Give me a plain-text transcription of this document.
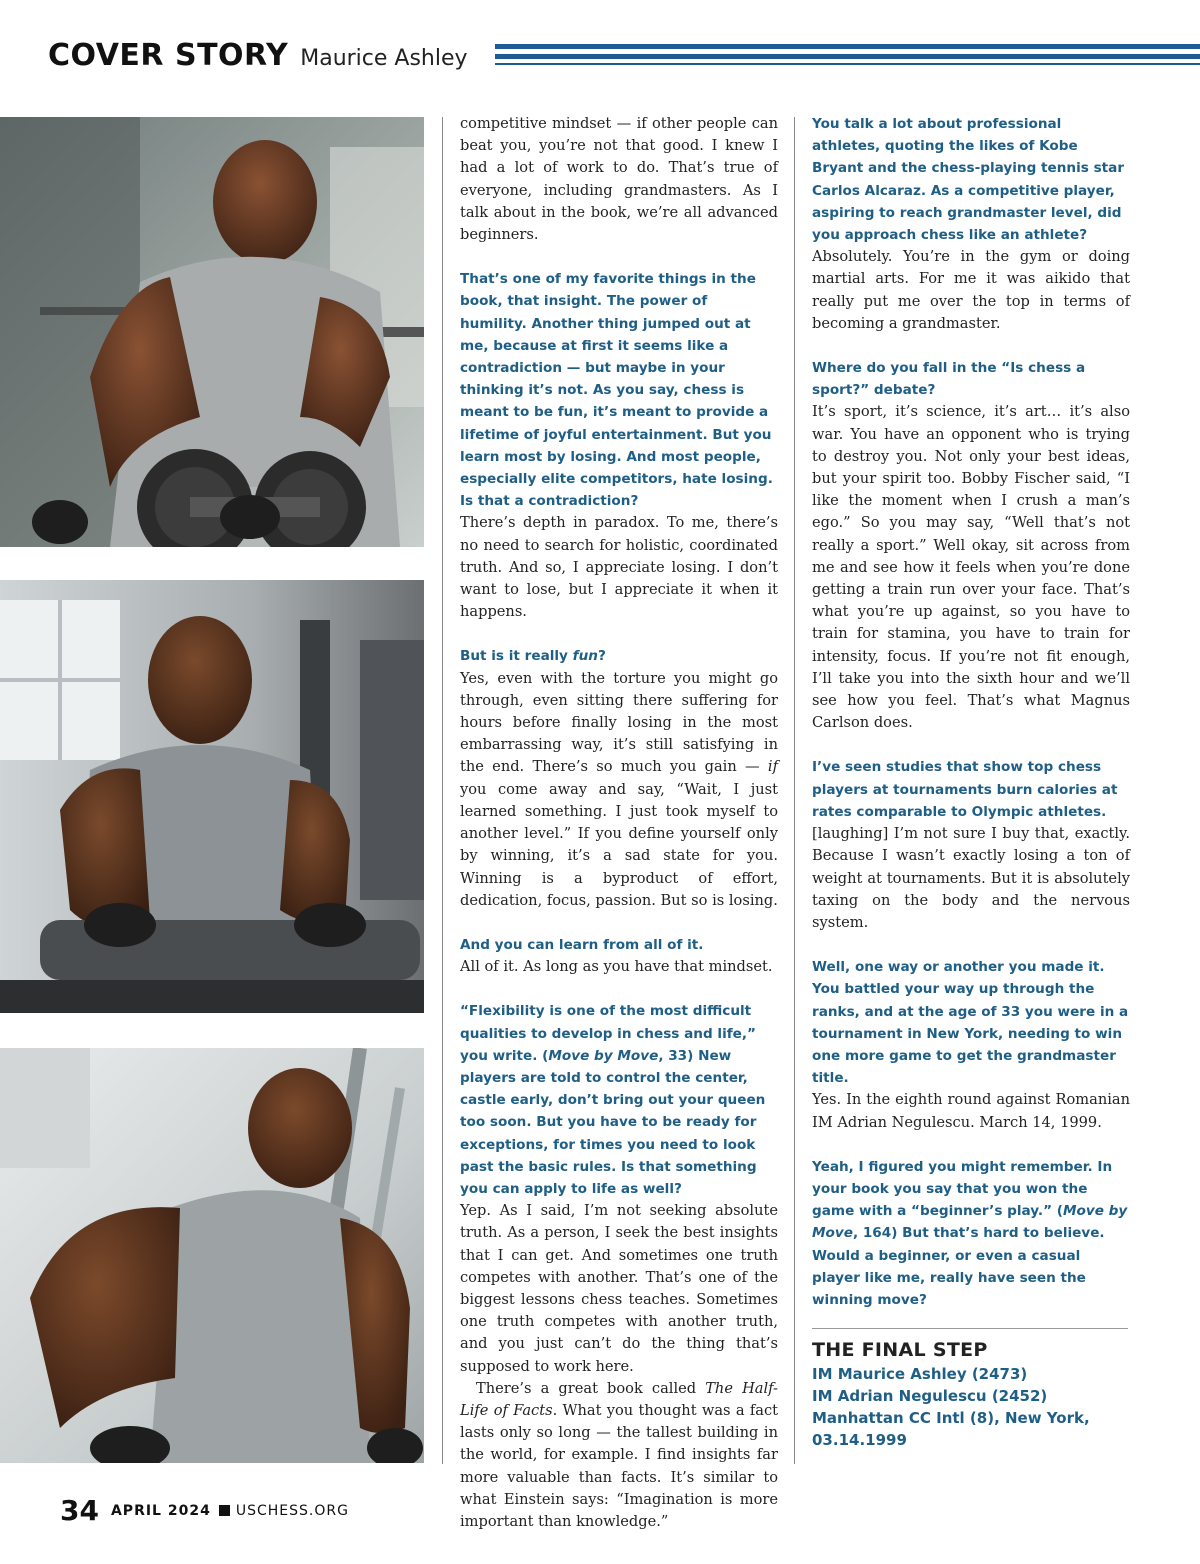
COVER STORY Maurice Ashley

competitive mindset — if other people can beat you, you’re not that good. I knew I had a lot of work to do. That’s true of everyone, including grandmasters. As I talk about in the book, we’re all advanced beginners.

That’s one of my favorite things in the book, that insight. The power of humility. Another thing jumped out at me, because at first it seems like a contradiction — but maybe in your thinking it’s not. As you say, chess is meant to be fun, it’s meant to provide a lifetime of joyful entertainment. But you learn most by losing. And most people, especially elite competitors, hate losing. Is that a contradiction?

There’s depth in paradox. To me, there’s no need to search for holistic, coordinated truth. And so, I appreciate losing. I don’t want to lose, but I appreciate it when it happens.

But is it really fun?

Yes, even with the torture you might go through, even sitting there suffering for hours before finally losing in the most embarrassing way, it’s still satisfying in the end. There’s so much you gain — if you come away and say, “Wait, I just learned something. I just took myself to another level.” If you define yourself only by winning, it’s a sad state for you. Winning is a byproduct of effort, dedication, focus, passion. But so is losing.

And you can learn from all of it.

All of it. As long as you have that mindset.

“Flexibility is one of the most difficult qualities to develop in chess and life,” you write. (Move by Move, 33) New players are told to control the center, castle early, don’t bring out your queen too soon. But you have to be ready for exceptions, for times you need to look past the basic rules. Is that something you can apply to life as well?

Yep. As I said, I’m not seeking absolute truth. As a person, I seek the best insights that I can get. And sometimes one truth competes with another. That’s one of the biggest lessons chess teaches. Sometimes one truth competes with another truth, and you just can’t do the thing that’s supposed to work here.

There’s a great book called The Half-Life of Facts. What you thought was a fact lasts only so long — the tallest building in the world, for example. I find insights far more valuable than facts. It’s similar to what Einstein says: “Imagination is more important than knowledge.”

You talk a lot about professional athletes, quoting the likes of Kobe Bryant and the chess-playing tennis star Carlos Alcaraz. As a competitive player, aspiring to reach grandmaster level, did you approach chess like an athlete?

Absolutely. You’re in the gym or doing martial arts. For me it was aikido that really put me over the top in terms of becoming a grandmaster.

Where do you fall in the “Is chess a sport?” debate?

It’s sport, it’s science, it’s art… it’s also war. You have an opponent who is trying to destroy you. Not only your best ideas, but your spirit too. Bobby Fischer said, “I like the moment when I crush a man’s ego.” So you may say, “Well that’s not really a sport.” Well okay, sit across from me and see how it feels when you’re done getting a train run over your face. That’s what you’re up against, so you have to train for stamina, you have to train for intensity, focus. If you’re not fit enough, I’ll take you into the sixth hour and we’ll see how you feel. That’s what Magnus Carlson does.

I’ve seen studies that show top chess players at tournaments burn calories at rates comparable to Olympic athletes.

[laughing] I’m not sure I buy that, exactly. Because I wasn’t exactly losing a ton of weight at tournaments. But it is absolutely taxing on the body and the nervous system.

Well, one way or another you made it. You battled your way up through the ranks, and at the age of 33 you were in a tournament in New York, needing to win one more game to get the grandmaster title.

Yes. In the eighth round against Romanian IM Adrian Negulescu. March 14, 1999.

Yeah, I figured you might remember. In your book you say that you won the game with a “beginner’s play.” (Move by Move, 164) But that’s hard to believe. Would a beginner, or even a casual player like me, really have seen the winning move?

THE FINAL STEP
IM Maurice Ashley (2473)
IM Adrian Negulescu (2452)
Manhattan CC Intl (8), New York,
03.14.1999
34 APRIL 2024 USCHESS.ORG
